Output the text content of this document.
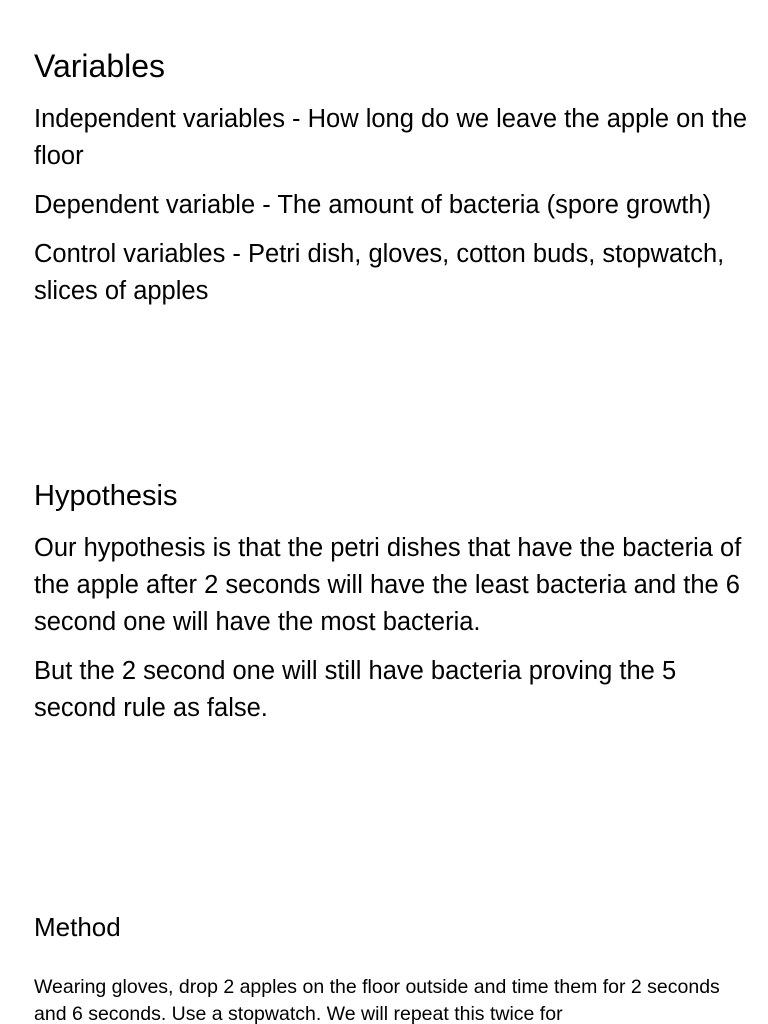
Variables

Independent variables - How long do we leave the apple on the floor

Dependent variable - The amount of bacteria (spore growth)

Control variables - Petri dish, gloves, cotton buds, stopwatch, slices of apples

Hypothesis

Our hypothesis is that the petri dishes that have the bacteria of the apple after 2 seconds will have the least bacteria and the 6 second one will have the most bacteria.

But the 2 second one will still have bacteria proving the 5 second rule as false.

Method

Wearing gloves, drop 2 apples on the floor outside and time them for 2 seconds and 6 seconds. Use a stopwatch. We will repeat this twice for
